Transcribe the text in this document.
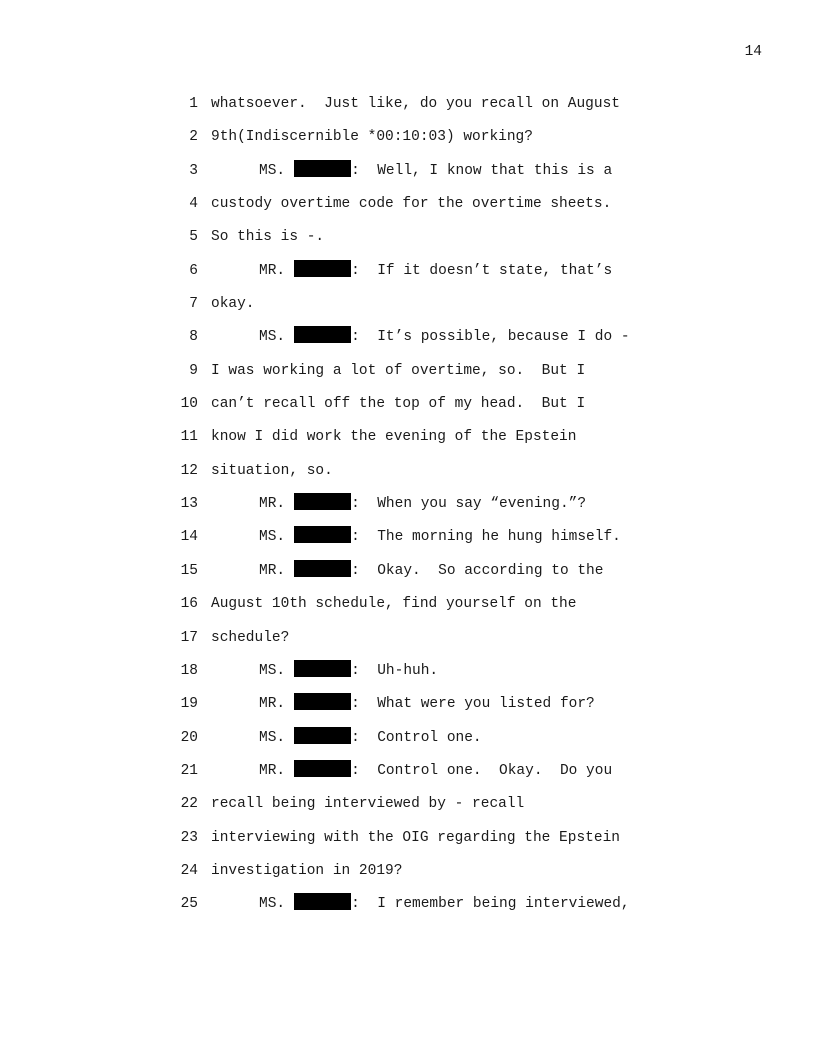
14
1 whatsoever.  Just like, do you recall on August
2 9th(Indiscernible *00:10:03) working?
3	MS.	:  Well, I know that this is a
4 custody overtime code for the overtime sheets.
5 So this is -.
6	MR.	:  If it doesn’t state, that’s
7 okay.
8	MS.	:  It’s possible, because I do -
9 I was working a lot of overtime, so.  But I
10 can’t recall off the top of my head.  But I
11 know I did work the evening of the Epstein
12 situation, so.
13	MR.	:  When you say “evening.”?
14	MS.	:  The morning he hung himself.
15	MR.	:  Okay.  So according to the
16 August 10th schedule, find yourself on the
17 schedule?
18	MS.	:  Uh-huh.
19	MR.	:  What were you listed for?
20	MS.	:  Control one.
21	MR.	:  Control one.  Okay.  Do you
22 recall being interviewed by - recall
23 interviewing with the OIG regarding the Epstein
24 investigation in 2019?
25	MS.	:  I remember being interviewed,
